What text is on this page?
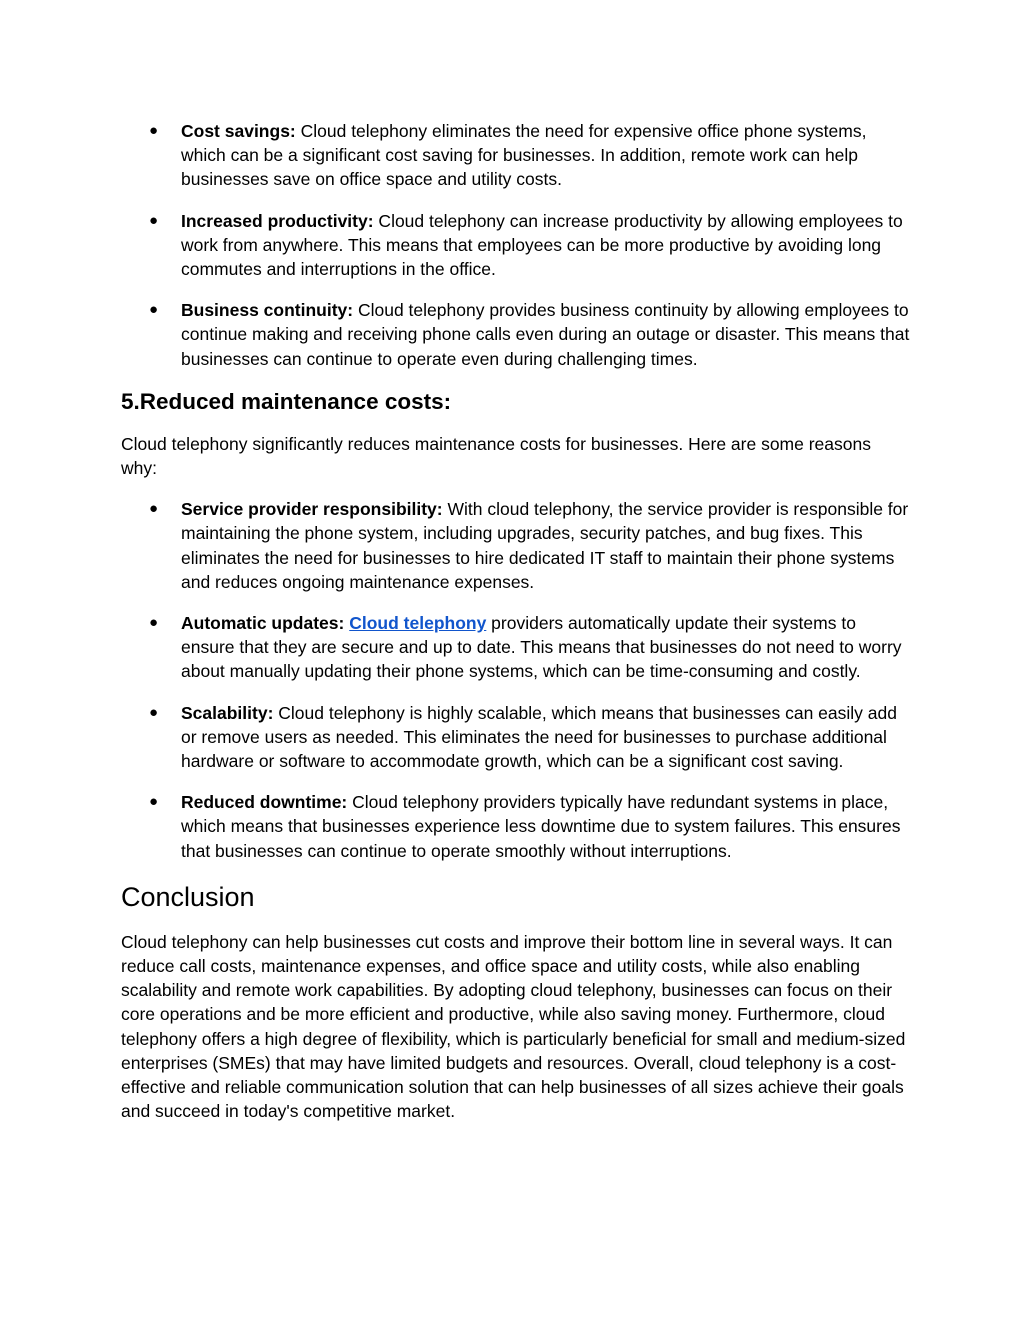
● Cost savings: Cloud telephony eliminates the need for expensive office phone systems, which can be a significant cost saving for businesses. In addition, remote work can help businesses save on office space and utility costs.
● Increased productivity: Cloud telephony can increase productivity by allowing employees to work from anywhere. This means that employees can be more productive by avoiding long commutes and interruptions in the office.
● Business continuity: Cloud telephony provides business continuity by allowing employees to continue making and receiving phone calls even during an outage or disaster. This means that businesses can continue to operate even during challenging times.
5.Reduced maintenance costs:

Cloud telephony significantly reduces maintenance costs for businesses. Here are some reasons why:

● Service provider responsibility: With cloud telephony, the service provider is responsible for maintaining the phone system, including upgrades, security patches, and bug fixes. This eliminates the need for businesses to hire dedicated IT staff to maintain their phone systems and reduces ongoing maintenance expenses.
● Automatic updates: Cloud telephony providers automatically update their systems to ensure that they are secure and up to date. This means that businesses do not need to worry about manually updating their phone systems, which can be time-consuming and costly.
● Scalability: Cloud telephony is highly scalable, which means that businesses can easily add or remove users as needed. This eliminates the need for businesses to purchase additional hardware or software to accommodate growth, which can be a significant cost saving.
● Reduced downtime: Cloud telephony providers typically have redundant systems in place, which means that businesses experience less downtime due to system failures. This ensures that businesses can continue to operate smoothly without interruptions.
Conclusion

Cloud telephony can help businesses cut costs and improve their bottom line in several ways. It can reduce call costs, maintenance expenses, and office space and utility costs, while also enabling scalability and remote work capabilities. By adopting cloud telephony, businesses can focus on their core operations and be more efficient and productive, while also saving money. Furthermore, cloud telephony offers a high degree of flexibility, which is particularly beneficial for small and medium-sized enterprises (SMEs) that may have limited budgets and resources. Overall, cloud telephony is a cost-effective and reliable communication solution that can help businesses of all sizes achieve their goals and succeed in today's competitive market.
